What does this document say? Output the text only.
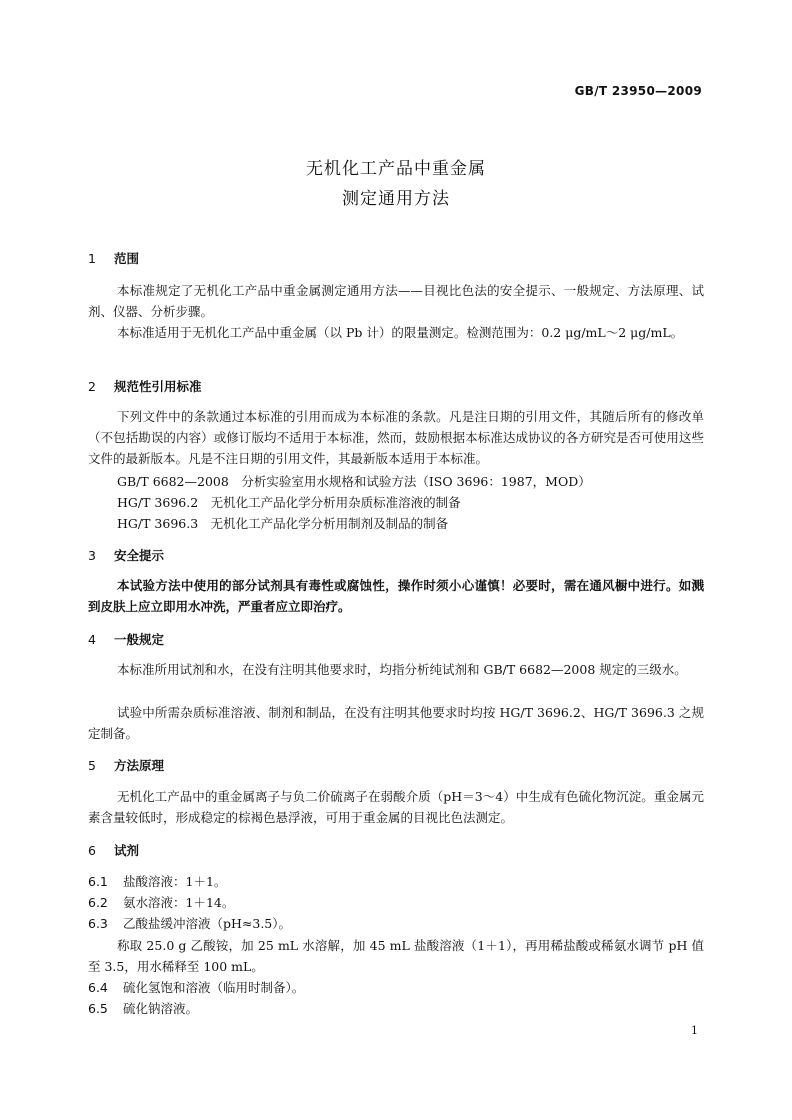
GB/T 23950—2009
无机化工产品中重金属
测定通用方法
1 范围
本标准规定了无机化工产品中重金属测定通用方法——目视比色法的安全提示、一般规定、方法原理、试剂、仪器、分析步骤。
本标准适用于无机化工产品中重金属（以 Pb 计）的限量测定。检测范围为：0.2 μg/mL～2 μg/mL。
2 规范性引用标准
下列文件中的条款通过本标准的引用而成为本标准的条款。凡是注日期的引用文件，其随后所有的修改单（不包括勘误的内容）或修订版均不适用于本标准，然而，鼓励根据本标准达成协议的各方研究是否可使用这些文件的最新版本。凡是不注日期的引用文件，其最新版本适用于本标准。
GB/T 6682—2008　分析实验室用水规格和试验方法（ISO 3696：1987，MOD）
HG/T 3696.2　无机化工产品化学分析用杂质标准溶液的制备
HG/T 3696.3　无机化工产品化学分析用制剂及制品的制备
3 安全提示
本试验方法中使用的部分试剂具有毒性或腐蚀性，操作时须小心谨慎！必要时，需在通风橱中进行。如溅到皮肤上应立即用水冲洗，严重者应立即治疗。
4 一般规定
本标准所用试剂和水，在没有注明其他要求时，均指分析纯试剂和 GB/T 6682—2008 规定的三级水。
试验中所需杂质标准溶液、制剂和制品，在没有注明其他要求时均按 HG/T 3696.2、HG/T 3696.3 之规定制备。
5 方法原理
无机化工产品中的重金属离子与负二价硫离子在弱酸介质（pH＝3～4）中生成有色硫化物沉淀。重金属元素含量较低时，形成稳定的棕褐色悬浮液，可用于重金属的目视比色法测定。
6 试剂
6.1 盐酸溶液：1＋1。
6.2 氨水溶液：1＋14。
6.3 乙酸盐缓冲溶液（pH≈3.5）。
称取 25.0 g 乙酸铵，加 25 mL 水溶解，加 45 mL 盐酸溶液（1＋1），再用稀盐酸或稀氨水调节 pH 值至 3.5，用水稀释至 100 mL。
6.4 硫化氢饱和溶液（临用时制备）。
6.5 硫化钠溶液。
1
